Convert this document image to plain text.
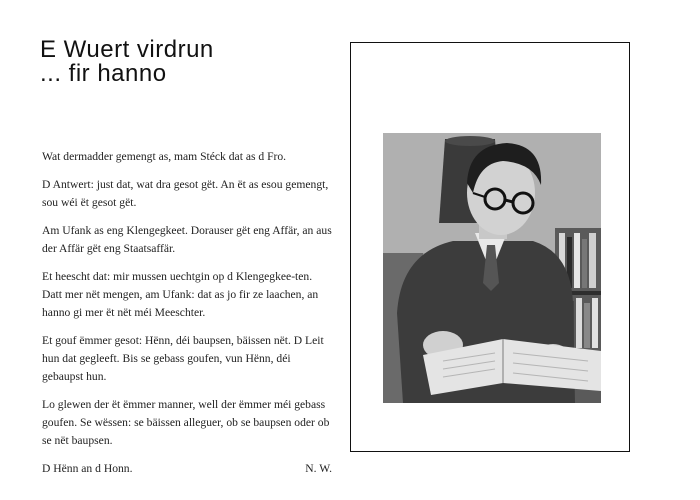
E Wuert virdrun
... fir hanno

Wat dermadder gemengt as, mam Stéck dat as d Fro.

D Antwert: just dat, wat dra gesot gët. An ët as esou gemengt, sou wéi ët gesot gët.

Am Ufank as eng Klengegkeet. Dorauser gët eng Affär, an aus der Affär gët eng Staatsaffär.

Et heescht dat: mir mussen uechtgin op d Klengegkee-ten. Datt mer nët mengen, am Ufank: dat as jo fir ze laachen, an hanno gi mer ët nët méi Meeschter.

Et gouf ëmmer gesot: Hënn, déi baupsen, bäissen nët. D Leit hun dat gegleeft. Bis se gebass goufen, vun Hënn, déi gebaupst hun.

Lo glewen der ët ëmmer manner, well der ëmmer méi gebass goufen. Se wëssen: se bäissen alleguer, ob se baupsen oder ob se nët baupsen.

D Hënn an d Honn.	N. W.
